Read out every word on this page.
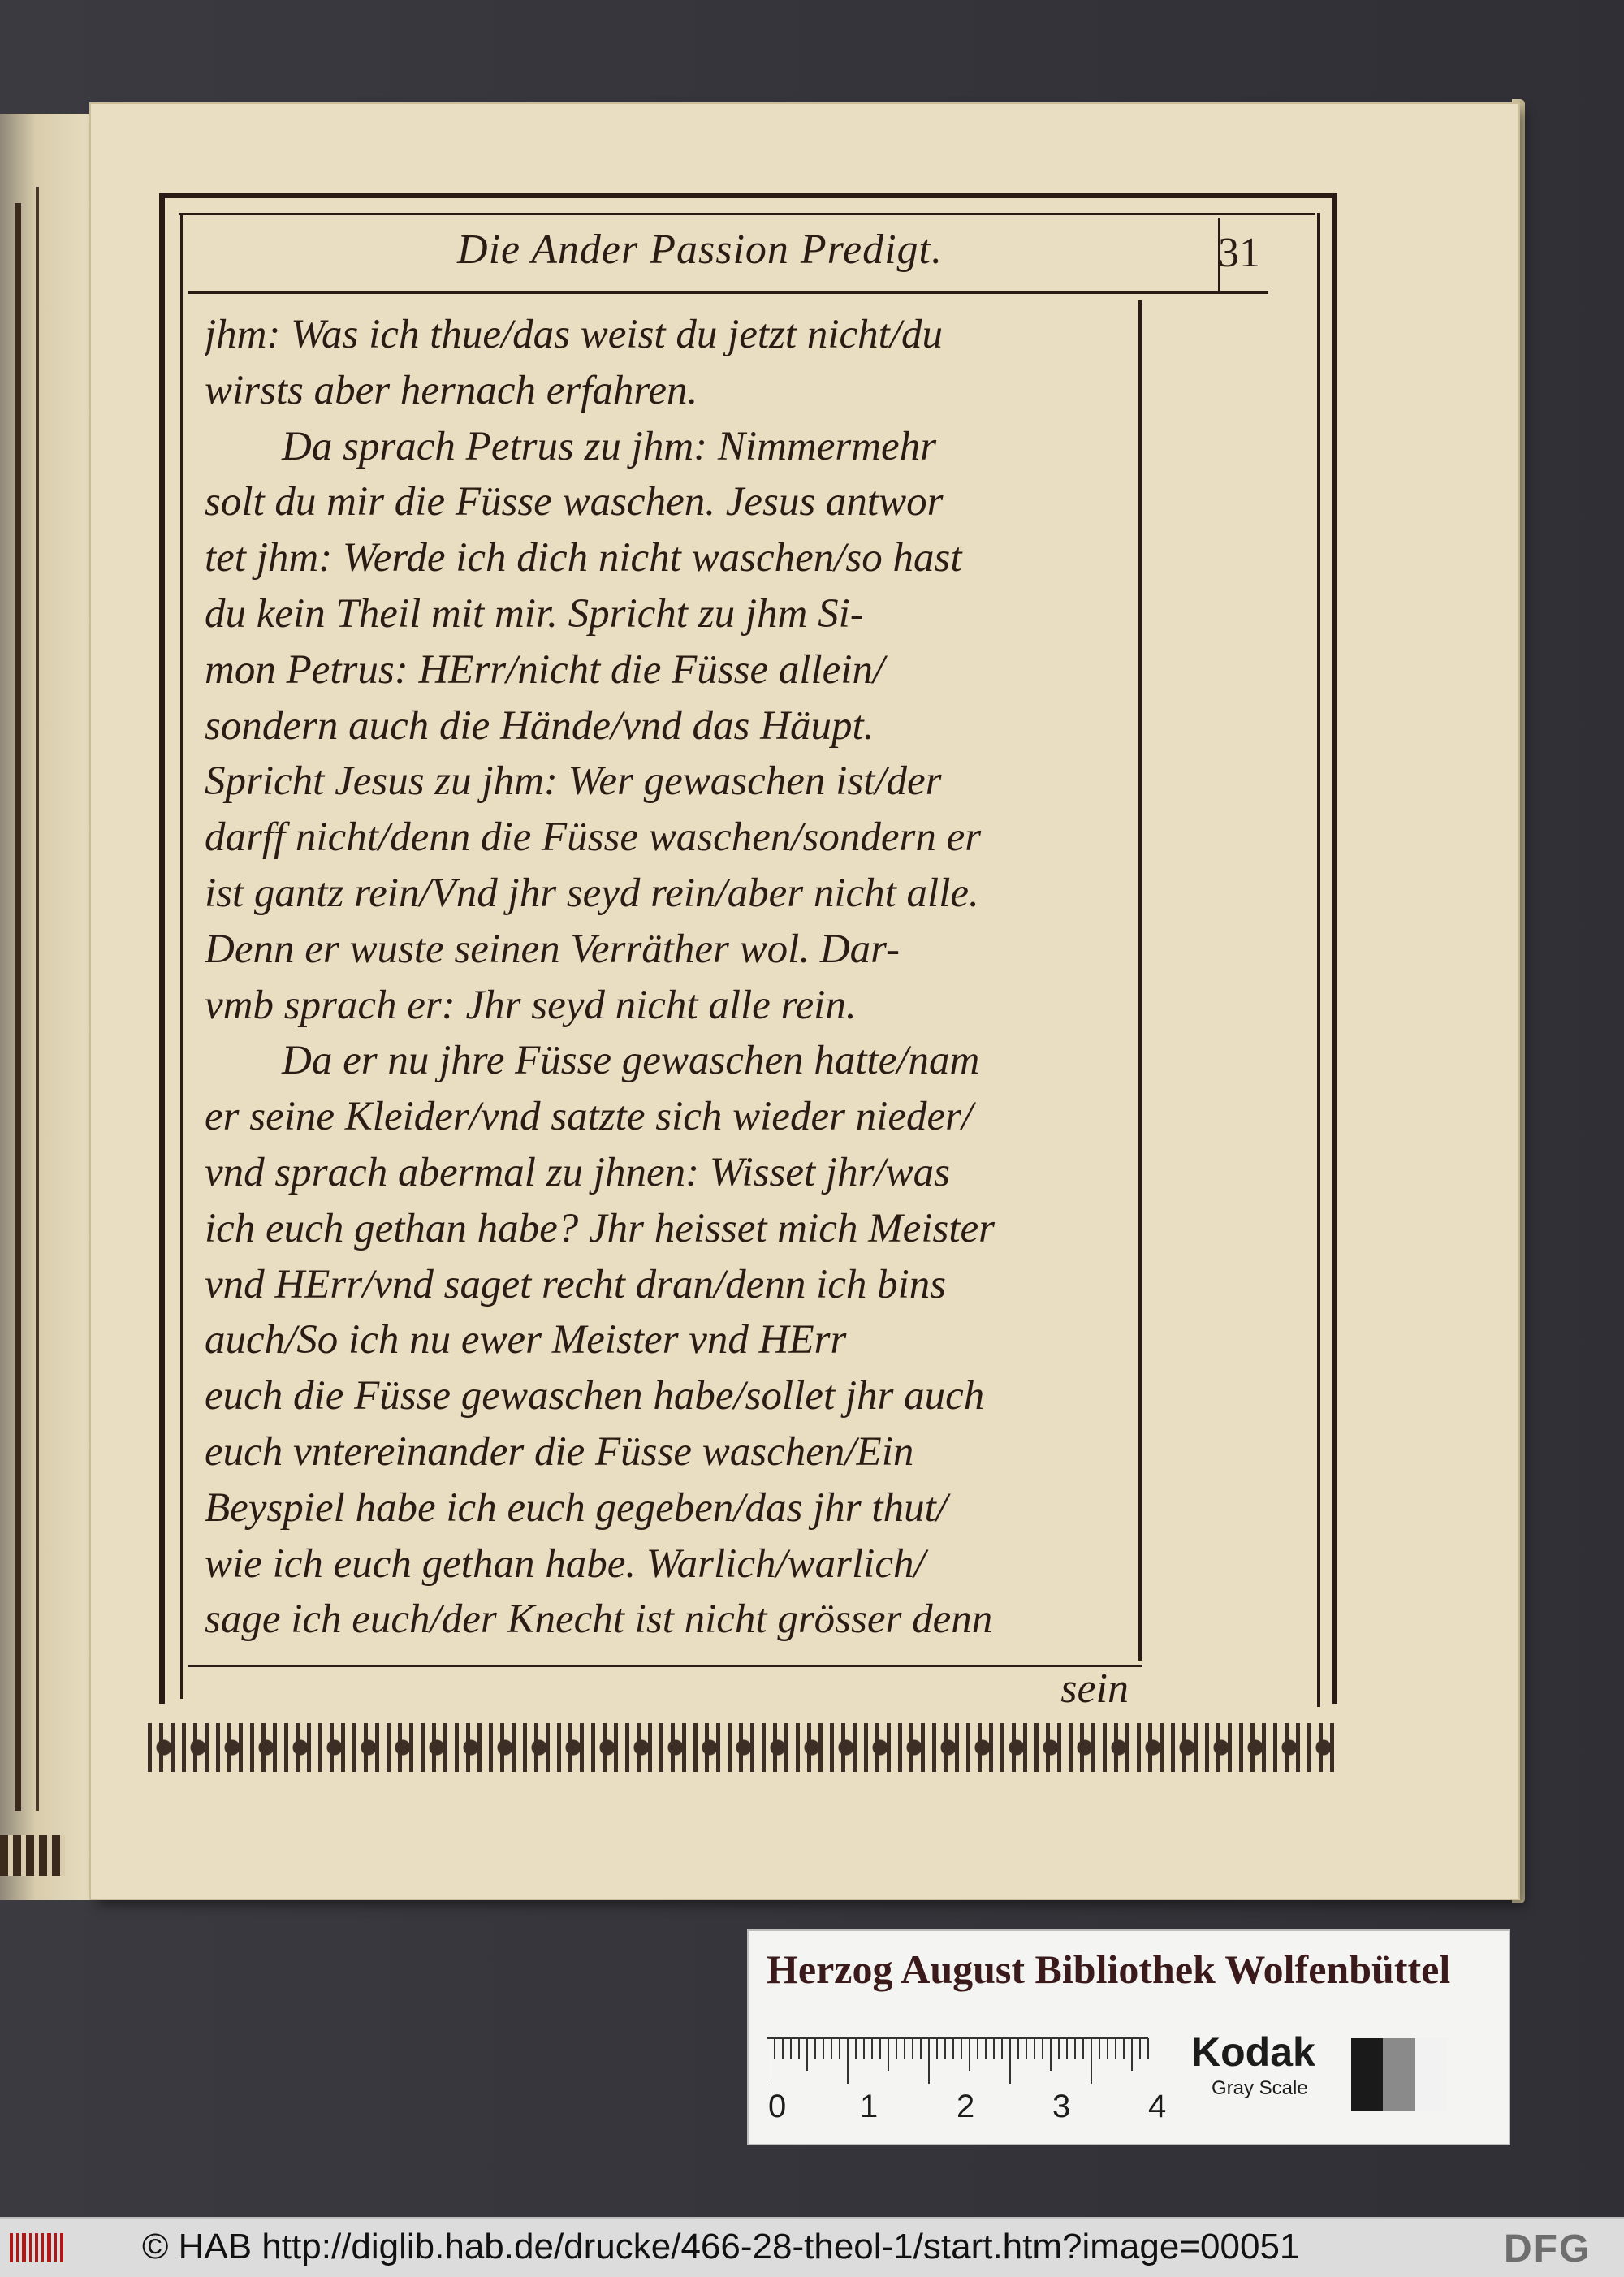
Die Ander Passion Predigt.	31
jhm: Was ich thue/das weist du jetzt nicht/du
wirsts aber hernach erfahren.
Da sprach Petrus zu jhm: Nimmermehr
solt du mir die Füsse waschen. Jesus antwor
tet jhm: Werde ich dich nicht waschen/so hast
du kein Theil mit mir. Spricht zu jhm Si-
mon Petrus: HErr/nicht die Füsse allein/
sondern auch die Hände/vnd das Häupt.
Spricht Jesus zu jhm: Wer gewaschen ist/der
darff nicht/denn die Füsse waschen/sondern er
ist gantz rein/Vnd jhr seyd rein/aber nicht alle.
Denn er wuste seinen Verräther wol. Dar-
vmb sprach er: Jhr seyd nicht alle rein.
Da er nu jhre Füsse gewaschen hatte/nam
er seine Kleider/vnd satzte sich wieder nieder/
vnd sprach abermal zu jhnen: Wisset jhr/was
ich euch gethan habe? Jhr heisset mich Meister
vnd HErr/vnd saget recht dran/denn ich bins
auch/So ich nu ewer Meister vnd HErr
euch die Füsse gewaschen habe/sollet jhr auch
euch vntereinander die Füsse waschen/Ein
Beyspiel habe ich euch gegeben/das jhr thut/
wie ich euch gethan habe. Warlich/warlich/
sage ich euch/der Knecht ist nicht grösser denn
sein
Herzog August Bibliothek Wolfenbüttel
0 1 2 3 4
Kodak
Gray Scale
© HAB http://diglib.hab.de/drucke/466-28-theol-1/start.htm?image=00051	DFG
